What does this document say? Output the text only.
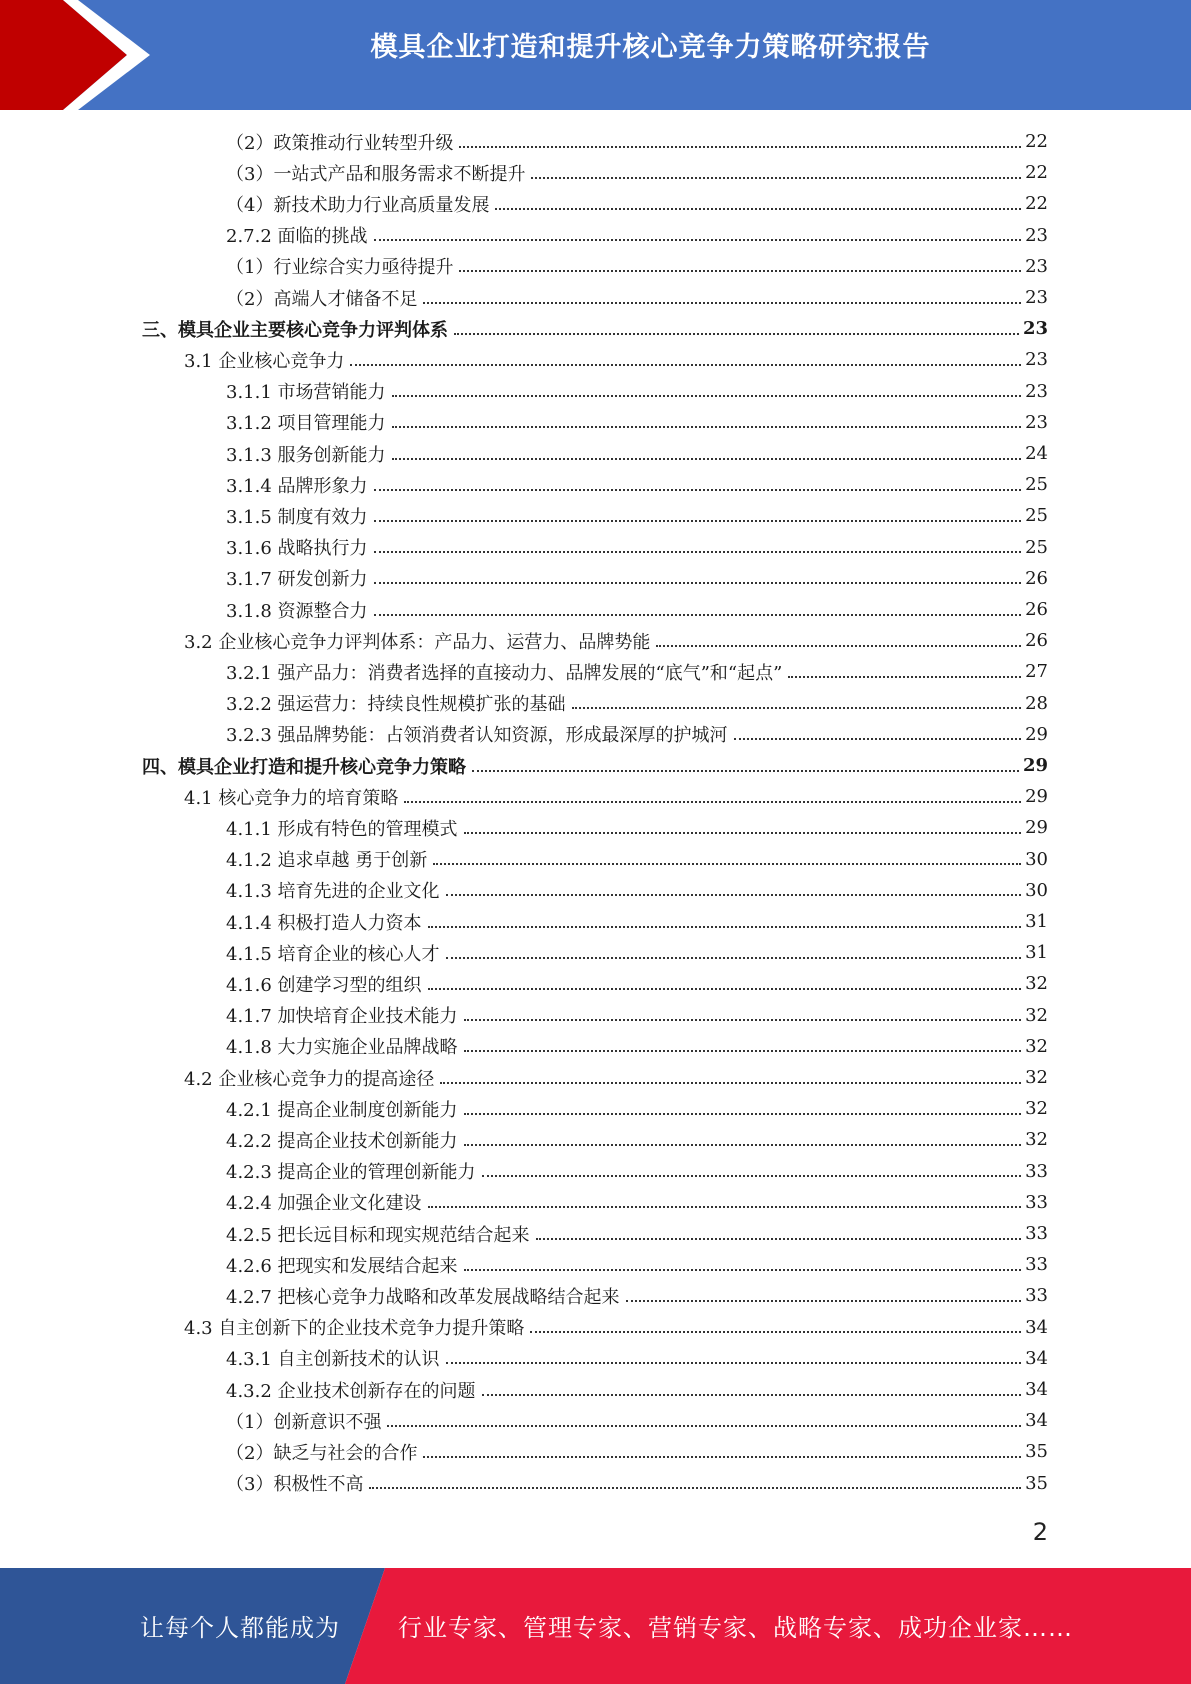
模具企业打造和提升核心竞争力策略研究报告
（2）政策推动行业转型升级	22
（3）一站式产品和服务需求不断提升	22
（4）新技术助力行业高质量发展	22
2.7.2 面临的挑战	23
（1）行业综合实力亟待提升	23
（2）高端人才储备不足	23
三、模具企业主要核心竞争力评判体系	23
3.1 企业核心竞争力	23
3.1.1 市场营销能力	23
3.1.2 项目管理能力	23
3.1.3 服务创新能力	24
3.1.4 品牌形象力	25
3.1.5 制度有效力	25
3.1.6 战略执行力	25
3.1.7 研发创新力	26
3.1.8 资源整合力	26
3.2 企业核心竞争力评判体系：产品力、运营力、品牌势能	26
3.2.1 强产品力：消费者选择的直接动力、品牌发展的“底气”和“起点”	27
3.2.2 强运营力：持续良性规模扩张的基础	28
3.2.3 强品牌势能：占领消费者认知资源，形成最深厚的护城河	29
四、模具企业打造和提升核心竞争力策略	29
4.1 核心竞争力的培育策略	29
4.1.1 形成有特色的管理模式	29
4.1.2 追求卓越 勇于创新	30
4.1.3 培育先进的企业文化	30
4.1.4 积极打造人力资本	31
4.1.5 培育企业的核心人才	31
4.1.6 创建学习型的组织	32
4.1.7 加快培育企业技术能力	32
4.1.8 大力实施企业品牌战略	32
4.2 企业核心竞争力的提高途径	32
4.2.1 提高企业制度创新能力	32
4.2.2 提高企业技术创新能力	32
4.2.3 提高企业的管理创新能力	33
4.2.4 加强企业文化建设	33
4.2.5 把长远目标和现实规范结合起来	33
4.2.6 把现实和发展结合起来	33
4.2.7 把核心竞争力战略和改革发展战略结合起来	33
4.3 自主创新下的企业技术竞争力提升策略	34
4.3.1 自主创新技术的认识	34
4.3.2 企业技术创新存在的问题	34
（1）创新意识不强	34
（2）缺乏与社会的合作	35
（3）积极性不高	35
2
让每个人都能成为 行业专家、管理专家、营销专家、战略专家、成功企业家……
